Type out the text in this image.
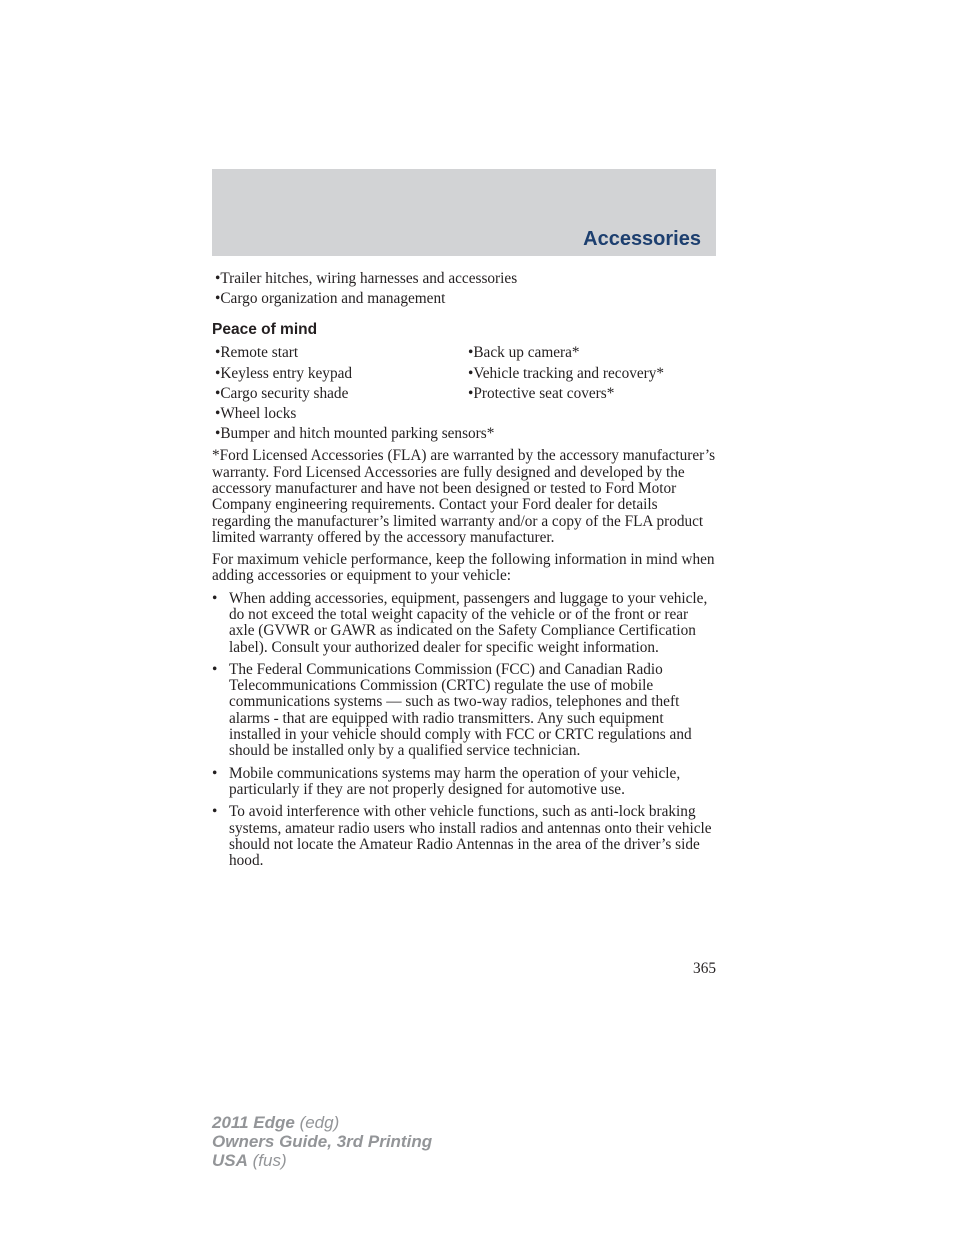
Accessories
• Trailer hitches, wiring harnesses and accessories
• Cargo organization and management
Peace of mind
• Remote start
• Keyless entry keypad
• Cargo security shade
• Wheel locks
• Bumper and hitch mounted parking sensors*
• Back up camera*
• Vehicle tracking and recovery*
• Protective seat covers*

*Ford Licensed Accessories (FLA) are warranted by the accessory manufacturer’s warranty. Ford Licensed Accessories are fully designed and developed by the accessory manufacturer and have not been designed or tested to Ford Motor Company engineering requirements. Contact your Ford dealer for details regarding the manufacturer’s limited warranty and/or a copy of the FLA product limited warranty offered by the accessory manufacturer.

For maximum vehicle performance, keep the following information in mind when adding accessories or equipment to your vehicle:

• When adding accessories, equipment, passengers and luggage to your vehicle, do not exceed the total weight capacity of the vehicle or of the front or rear axle (GVWR or GAWR as indicated on the Safety Compliance Certification label). Consult your authorized dealer for specific weight information.
• The Federal Communications Commission (FCC) and Canadian Radio Telecommunications Commission (CRTC) regulate the use of mobile communications systems — such as two-way radios, telephones and theft alarms - that are equipped with radio transmitters. Any such equipment installed in your vehicle should comply with FCC or CRTC regulations and should be installed only by a qualified service technician.
• Mobile communications systems may harm the operation of your vehicle, particularly if they are not properly designed for automotive use.
• To avoid interference with other vehicle functions, such as anti-lock braking systems, amateur radio users who install radios and antennas onto their vehicle should not locate the Amateur Radio Antennas in the area of the driver’s side hood.
365
2011 Edge (edg)
Owners Guide, 3rd Printing
USA (fus)
